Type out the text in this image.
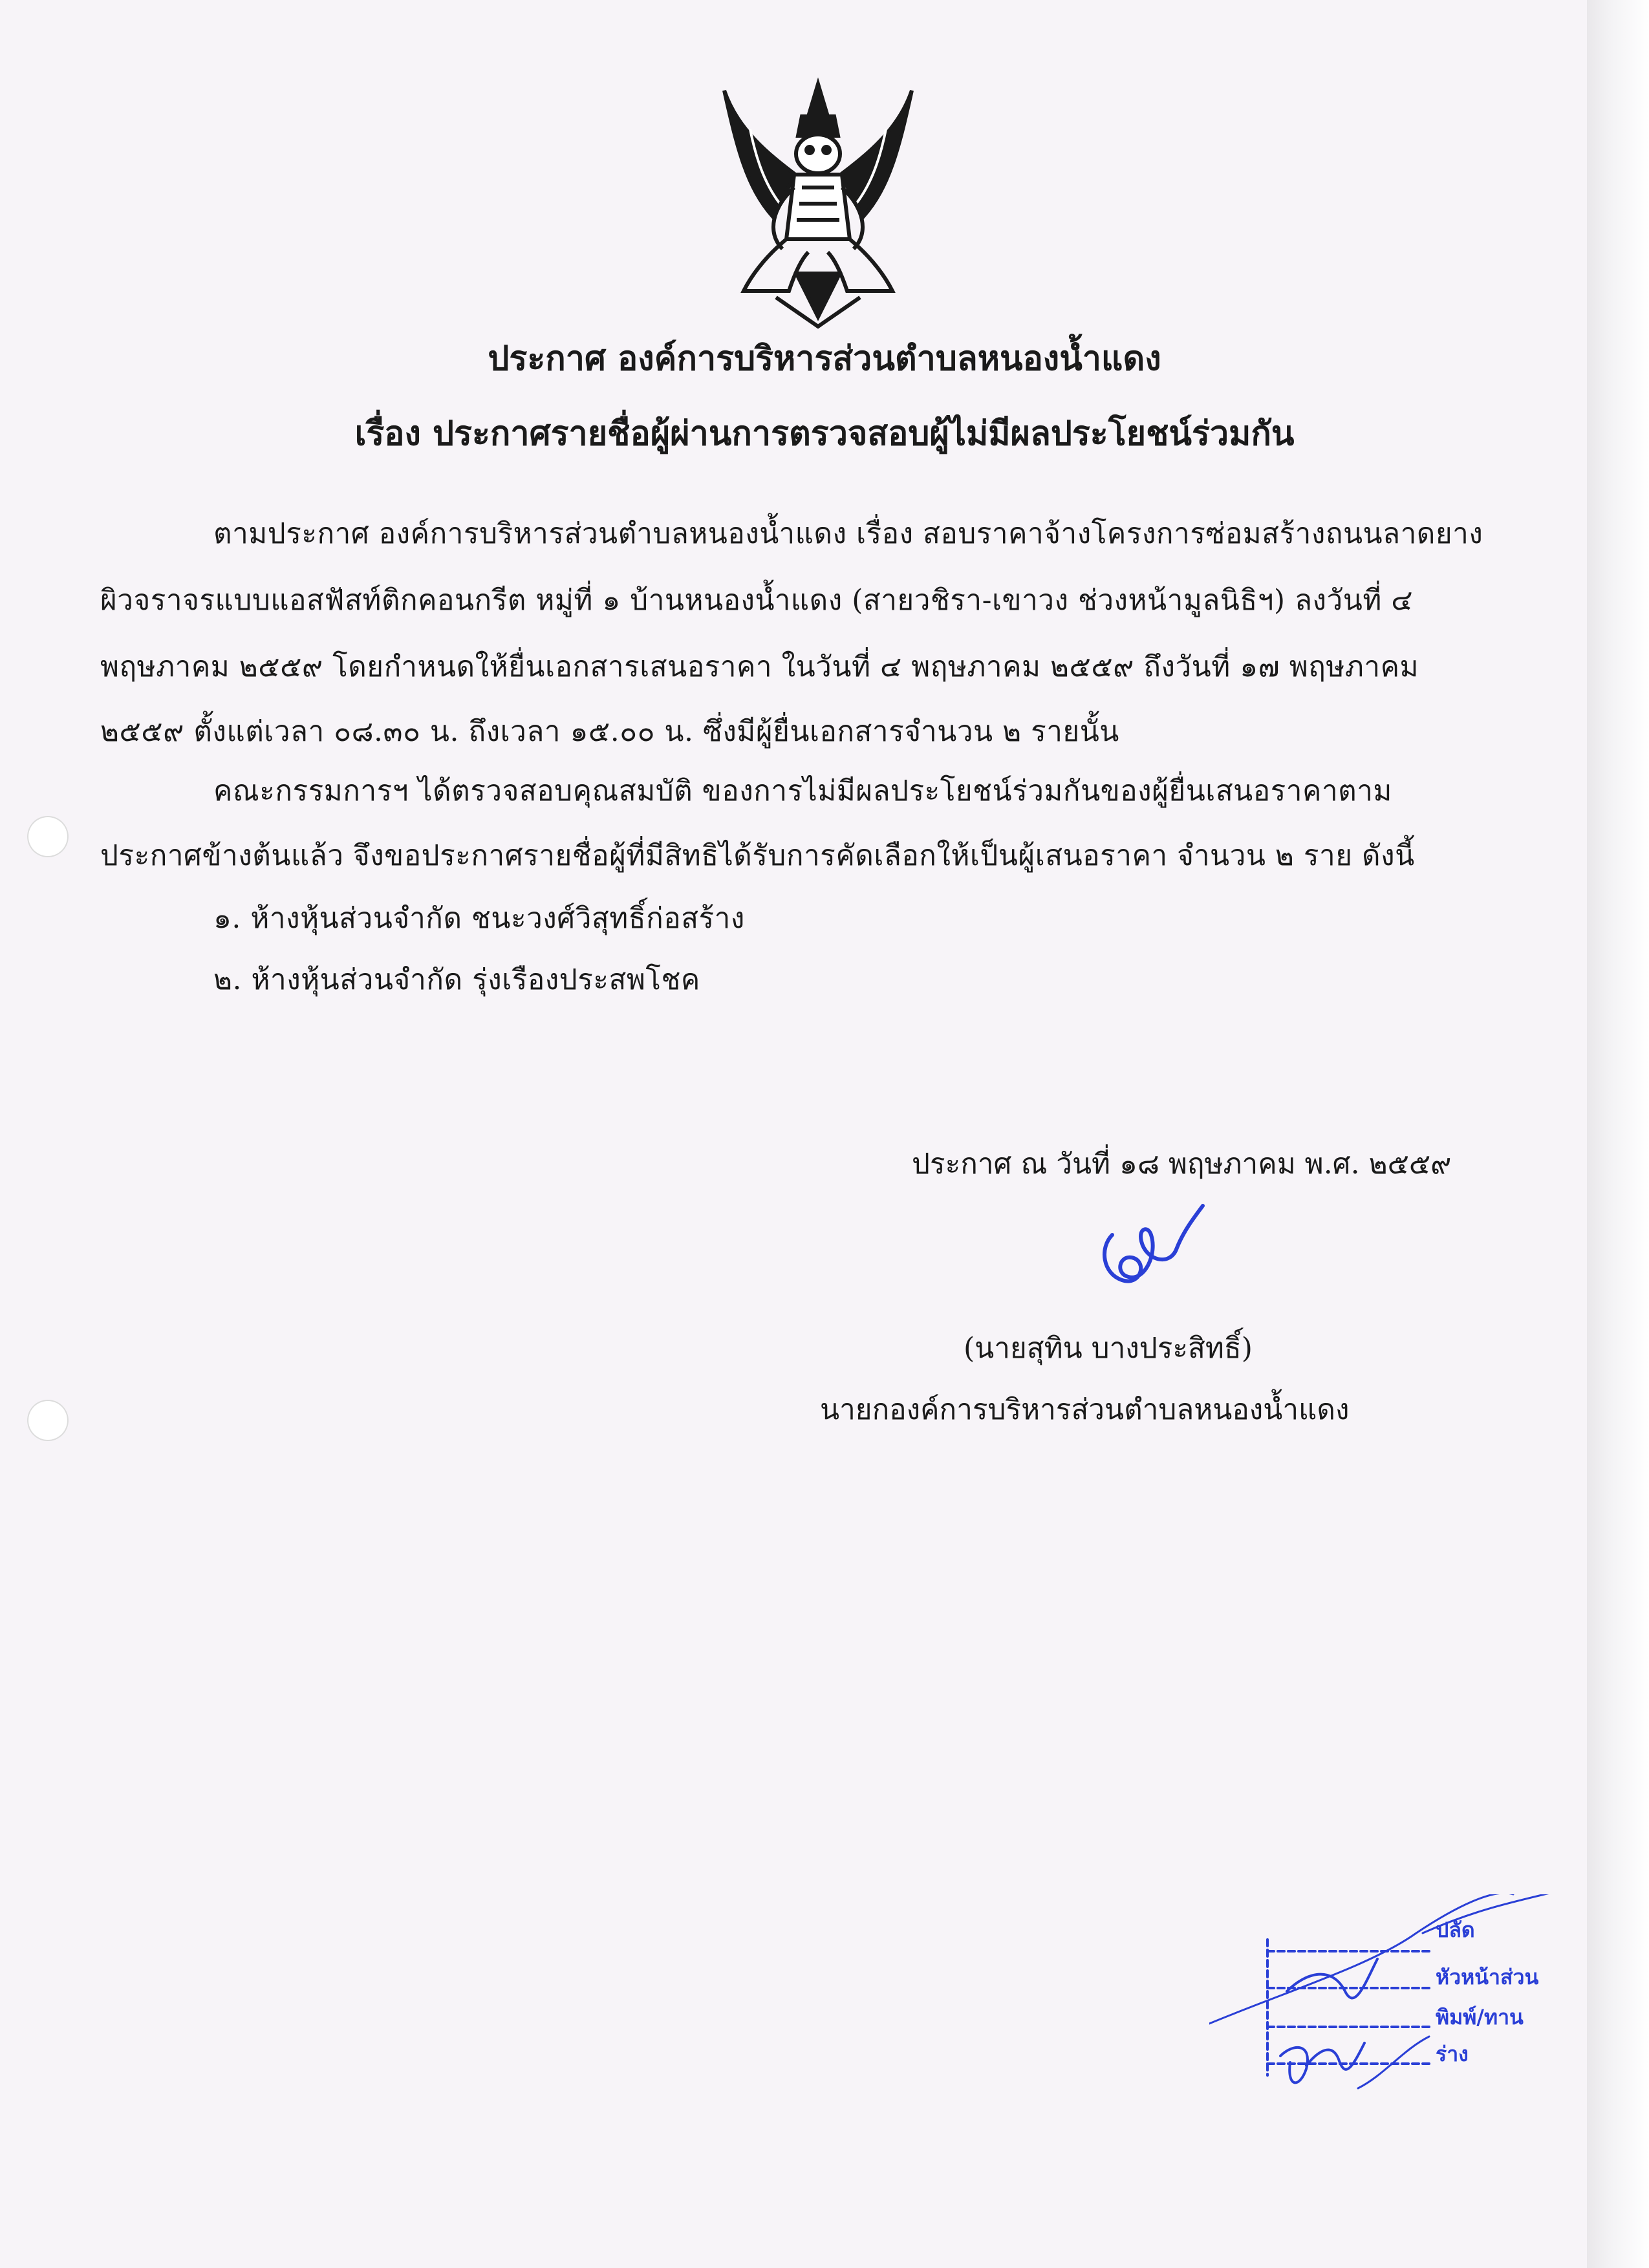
ประกาศ องค์การบริหารส่วนตำบลหนองน้ำแดง
เรื่อง ประกาศรายชื่อผู้ผ่านการตรวจสอบผู้ไม่มีผลประโยชน์ร่วมกัน
ตามประกาศ องค์การบริหารส่วนตำบลหนองน้ำแดง เรื่อง สอบราคาจ้างโครงการซ่อมสร้างถนนลาดยาง
ผิวจราจรแบบแอสฟัสท์ติกคอนกรีต หมู่ที่ ๑ บ้านหนองน้ำแดง (สายวชิรา-เขาวง ช่วงหน้ามูลนิธิฯ) ลงวันที่ ๔
พฤษภาคม ๒๕๕๙ โดยกำหนดให้ยื่นเอกสารเสนอราคา ในวันที่ ๔ พฤษภาคม ๒๕๕๙ ถึงวันที่ ๑๗ พฤษภาคม
๒๕๕๙ ตั้งแต่เวลา ๐๘.๓๐ น. ถึงเวลา ๑๕.๐๐ น. ซึ่งมีผู้ยื่นเอกสารจำนวน ๒ รายนั้น
คณะกรรมการฯ ได้ตรวจสอบคุณสมบัติ ของการไม่มีผลประโยชน์ร่วมกันของผู้ยื่นเสนอราคาตาม
ประกาศข้างต้นแล้ว จึงขอประกาศรายชื่อผู้ที่มีสิทธิได้รับการคัดเลือกให้เป็นผู้เสนอราคา จำนวน ๒ ราย ดังนี้
๑. ห้างหุ้นส่วนจำกัด ชนะวงศ์วิสุทธิ์ก่อสร้าง
๒. ห้างหุ้นส่วนจำกัด รุ่งเรืองประสพโชค
ประกาศ ณ วันที่ ๑๘ พฤษภาคม พ.ศ. ๒๕๕๙
(นายสุทิน บางประสิทธิ์)
นายกองค์การบริหารส่วนตำบลหนองน้ำแดง
ปลัด
หัวหน้าส่วน
พิมพ์/ทาน
ร่าง
